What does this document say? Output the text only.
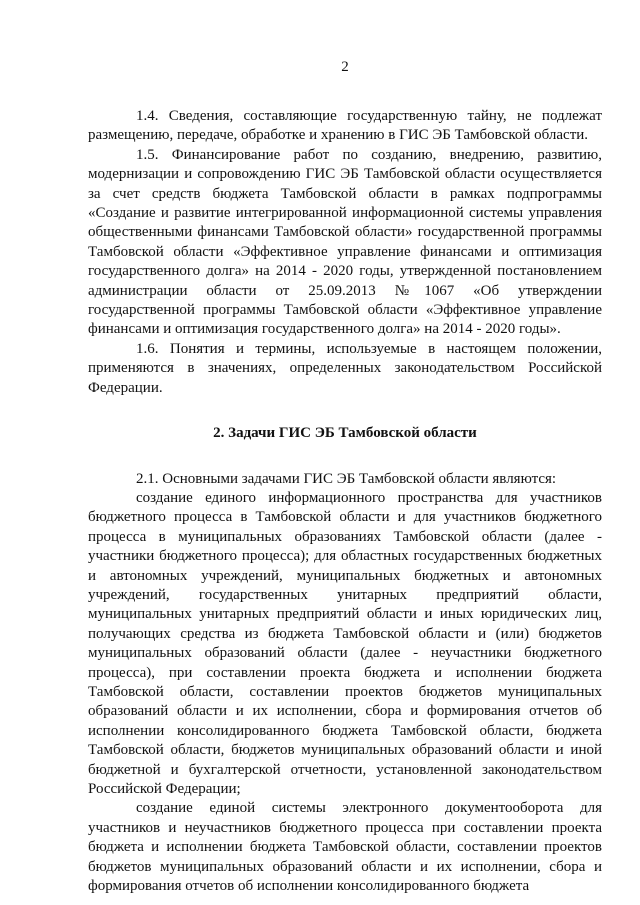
2

1.4. Сведения, составляющие государственную тайну, не подлежат размещению, передаче, обработке и хранению в ГИС ЭБ Тамбовской области.

1.5. Финансирование работ по созданию, внедрению, развитию, модернизации и сопровождению ГИС ЭБ Тамбовской области осуществляется за счет средств бюджета Тамбовской области в рамках подпрограммы «Создание и развитие интегрированной информационной системы управления общественными финансами Тамбовской области» государственной программы Тамбовской области «Эффективное управление финансами и оптимизация государственного долга» на 2014 - 2020 годы, утвержденной постановлением администрации области от 25.09.2013 №1067 «Об утверждении государственной программы Тамбовской области «Эффективное управление финансами и оптимизация государственного долга» на 2014 - 2020 годы».

1.6. Понятия и термины, используемые в настоящем положении, применяются в значениях, определенных законодательством Российской Федерации.

2. Задачи ГИС ЭБ Тамбовской области

2.1. Основными задачами ГИС ЭБ Тамбовской области являются:

создание единого информационного пространства для участников бюджетного процесса в Тамбовской области и для участников бюджетного процесса в муниципальных образованиях Тамбовской области (далее - участники бюджетного процесса); для областных государственных бюджетных и автономных учреждений, муниципальных бюджетных и автономных учреждений, государственных унитарных предприятий области, муниципальных унитарных предприятий области и иных юридических лиц, получающих средства из бюджета Тамбовской области и (или) бюджетов муниципальных образований области (далее - неучастники бюджетного процесса), при составлении проекта бюджета и исполнении бюджета Тамбовской области, составлении проектов бюджетов муниципальных образований области и их исполнении, сбора и формирования отчетов об исполнении консолидированного бюджета Тамбовской области, бюджета Тамбовской области, бюджетов муниципальных образований области и иной бюджетной и бухгалтерской отчетности, установленной законодательством Российской Федерации;

создание единой системы электронного документооборота для участников и неучастников бюджетного процесса при составлении проекта бюджета и исполнении бюджета Тамбовской области, составлении проектов бюджетов муниципальных образований области и их исполнении, сбора и формирования отчетов об исполнении консолидированного бюджета
